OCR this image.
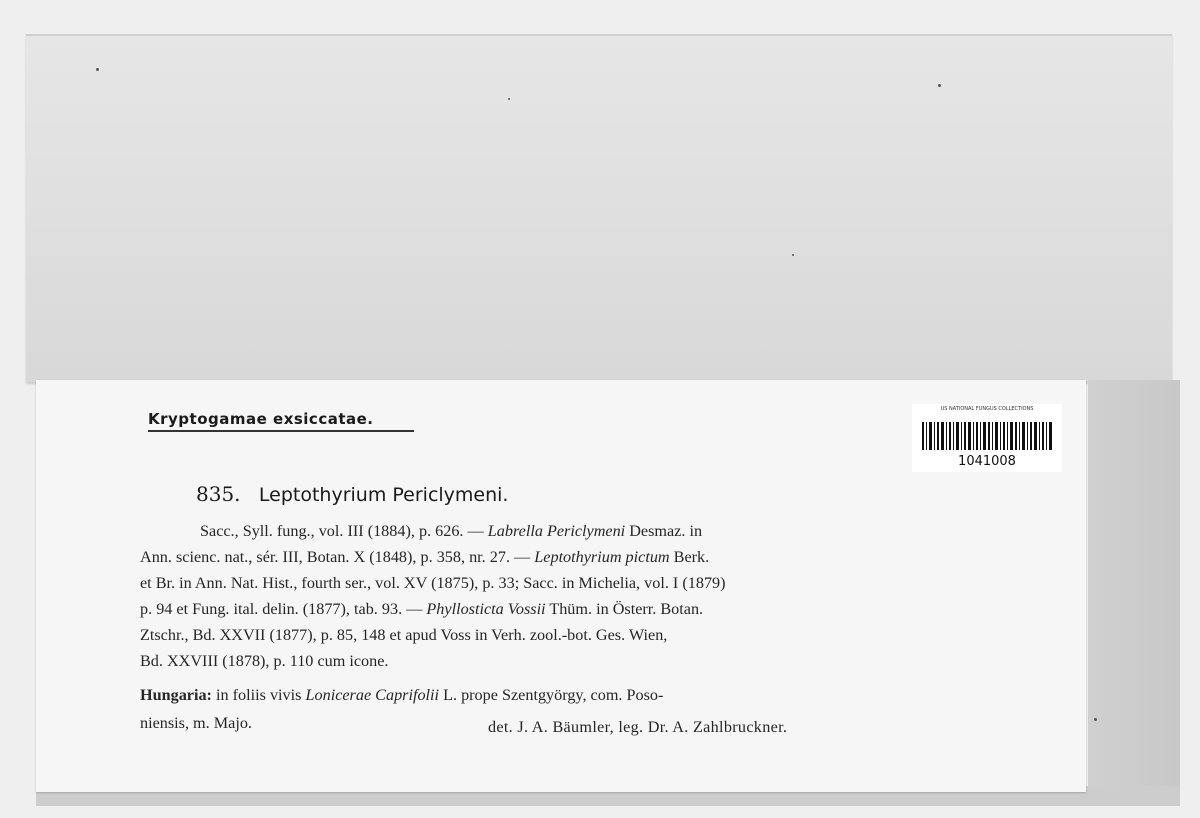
Kryptogamae exsiccatae.
US NATIONAL FUNGUS COLLECTIONS
1041008
835. Leptothyrium Periclymeni.
Sacc., Syll. fung., vol. III (1884), p. 626. — Labrella Periclymeni Desmaz. in
Ann. scienc. nat., sér. III, Botan. X (1848), p. 358, nr. 27. — Leptothyrium pictum Berk.
et Br. in Ann. Nat. Hist., fourth ser., vol. XV (1875), p. 33; Sacc. in Michelia, vol. I (1879)
p. 94 et Fung. ital. delin. (1877), tab. 93. — Phyllosticta Vossii Thüm. in Österr. Botan.
Ztschr., Bd. XXVII (1877), p. 85, 148 et apud Voss in Verh. zool.-bot. Ges. Wien,
Bd. XXVIII (1878), p. 110 cum icone.
Hungaria: in foliis vivis Lonicerae Caprifolii L. prope Szentgyörgy, com. Poso-
niensis, m. Majo.	det. J. A. Bäumler, leg. Dr. A. Zahlbruckner.
